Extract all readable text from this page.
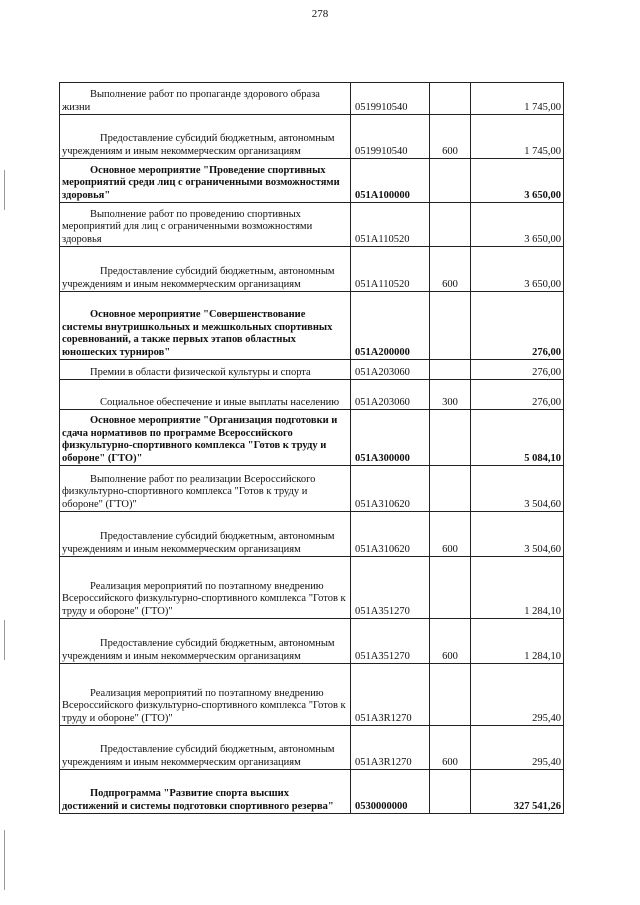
278
Выполнение работ по пропаганде здорового образа жизни	0519910540		1 745,00
Предоставление субсидий бюджетным, автономным учреждениям и иным некоммерческим организациям	0519910540	600	1 745,00
Основное мероприятие "Проведение спортивных мероприятий среди лиц с ограниченными возможностями здоровья"	051А100000		3 650,00
Выполнение работ по проведению спортивных мероприятий для лиц с ограниченными возможностями здоровья	051А110520		3 650,00
Предоставление субсидий бюджетным, автономным учреждениям и иным некоммерческим организациям	051А110520	600	3 650,00
Основное мероприятие "Совершенствование системы внутришкольных и межшкольных спортивных соревнований, а также первых этапов областных юношеских турниров"	051А200000		276,00
Премии в области физической культуры и спорта	051А203060		276,00
Социальное обеспечение и иные выплаты населению	051А203060	300	276,00
Основное мероприятие "Организация подготовки и сдача нормативов по программе Всероссийского физкультурно-спортивного комплекса "Готов к труду и обороне" (ГТО)"	051А300000		5 084,10
Выполнение работ по реализации Всероссийского физкультурно-спортивного комплекса "Готов к труду и обороне" (ГТО)"	051А310620		3 504,60
Предоставление субсидий бюджетным, автономным учреждениям и иным некоммерческим организациям	051А310620	600	3 504,60
Реализация мероприятий по поэтапному внедрению Всероссийского физкультурно-спортивного комплекса "Готов к труду и обороне" (ГТО)"	051А351270		1 284,10
Предоставление субсидий бюджетным, автономным учреждениям и иным некоммерческим организациям	051А351270	600	1 284,10
Реализация мероприятий по поэтапному внедрению Всероссийского физкультурно-спортивного комплекса "Готов к труду и обороне" (ГТО)"	051А3R1270		295,40
Предоставление субсидий бюджетным, автономным учреждениям и иным некоммерческим организациям	051А3R1270	600	295,40
Подпрограмма "Развитие спорта высших достижений и системы подготовки спортивного резерва"	0530000000		327 541,26
